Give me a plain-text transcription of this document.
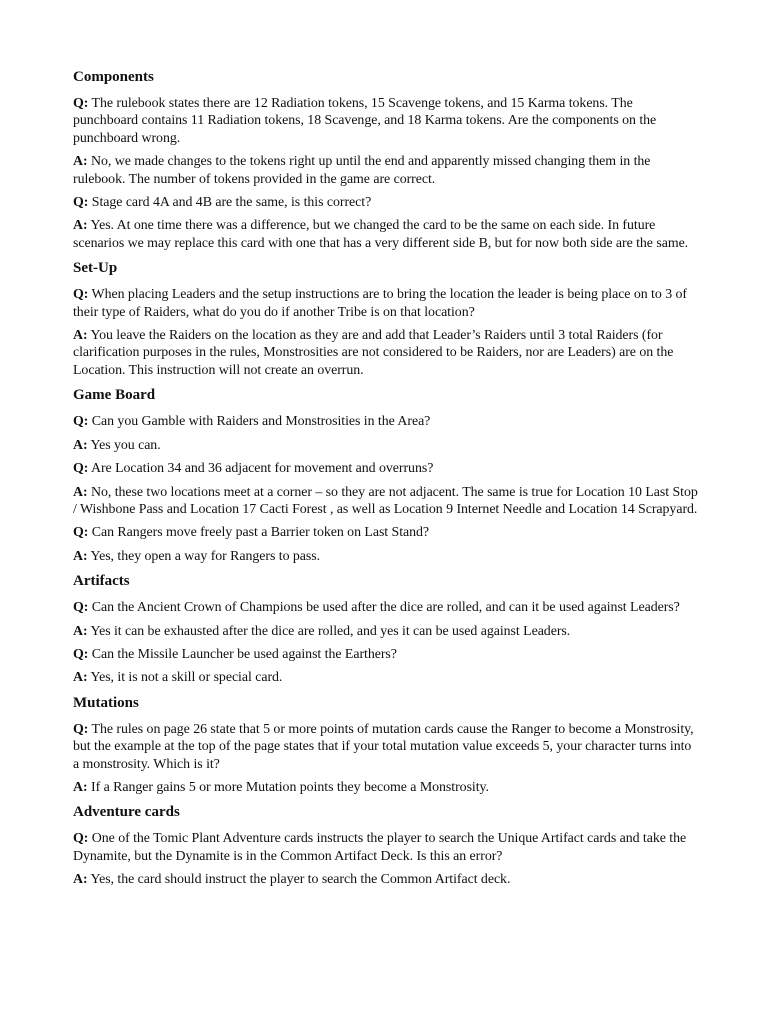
Components

Q: The rulebook states there are 12 Radiation tokens, 15 Scavenge tokens, and 15 Karma tokens. The punchboard contains 11 Radiation tokens, 18 Scavenge, and 18 Karma tokens. Are the components on the punchboard wrong.

A: No, we made changes to the tokens right up until the end and apparently missed changing them in the rulebook. The number of tokens provided in the game are correct.

Q: Stage card 4A and 4B are the same, is this correct?

A: Yes. At one time there was a difference, but we changed the card to be the same on each side. In future scenarios we may replace this card with one that has a very different side B, but for now both side are the same.

Set-Up

Q: When placing Leaders and the setup instructions are to bring the location the leader is being place on to 3 of their type of Raiders, what do you do if another Tribe is on that location?

A: You leave the Raiders on the location as they are and add that Leader’s Raiders until 3 total Raiders (for clarification purposes in the rules, Monstrosities are not considered to be Raiders, nor are Leaders) are on the Location. This instruction will not create an overrun.

Game Board

Q: Can you Gamble with Raiders and Monstrosities in the Area?

A: Yes you can.

Q: Are Location 34 and 36 adjacent for movement and overruns?

A: No, these two locations meet at a corner – so they are not adjacent. The same is true for Location 10 Last Stop / Wishbone Pass and Location 17 Cacti Forest , as well as Location 9 Internet Needle and Location 14 Scrapyard.

Q: Can Rangers move freely past a Barrier token on Last Stand?

A: Yes, they open a way for Rangers to pass.

Artifacts

Q: Can the Ancient Crown of Champions be used after the dice are rolled, and can it be used against Leaders?

A: Yes it can be exhausted after the dice are rolled, and yes it can be used against Leaders.

Q: Can the Missile Launcher be used against the Earthers?

A: Yes, it is not a skill or special card.

Mutations

Q: The rules on page 26 state that 5 or more points of mutation cards cause the Ranger to become a Monstrosity, but the example at the top of the page states that if your total mutation value exceeds 5, your character turns into a monstrosity. Which is it?

A: If a Ranger gains 5 or more Mutation points they become a Monstrosity.

Adventure cards

Q: One of the Tomic Plant Adventure cards instructs the player to search the Unique Artifact cards and take the Dynamite, but the Dynamite is in the Common Artifact Deck. Is this an error?

A: Yes, the card should instruct the player to search the Common Artifact deck.
